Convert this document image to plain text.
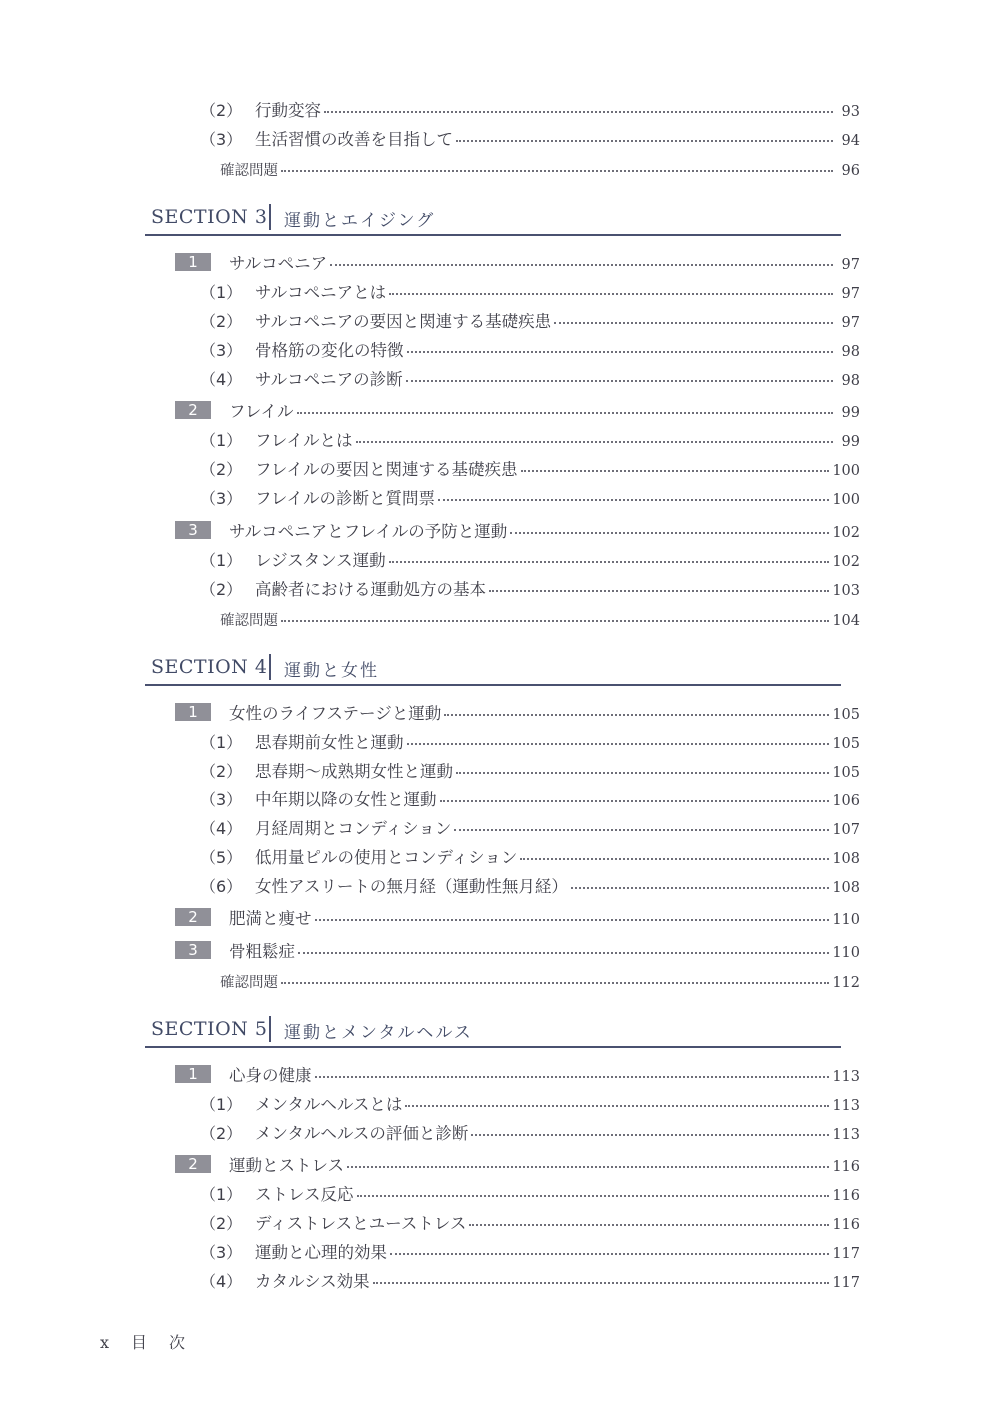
（2） 行動変容	93
（3） 生活習慣の改善を目指して	94
確認問題	96
SECTION 3 運動とエイジング
1	サルコペニア	97
（1） サルコペニアとは	97
（2） サルコペニアの要因と関連する基礎疾患	97
（3） 骨格筋の変化の特徴	98
（4） サルコペニアの診断	98
2	フレイル	99
（1） フレイルとは	99
（2） フレイルの要因と関連する基礎疾患	100
（3） フレイルの診断と質問票	100
3	サルコペニアとフレイルの予防と運動	102
（1） レジスタンス運動	102
（2） 高齢者における運動処方の基本	103
確認問題	104
SECTION 4 運動と女性
1	女性のライフステージと運動	105
（1） 思春期前女性と運動	105
（2） 思春期〜成熟期女性と運動	105
（3） 中年期以降の女性と運動	106
（4） 月経周期とコンディション	107
（5） 低用量ピルの使用とコンディション	108
（6） 女性アスリートの無月経（運動性無月経）	108
2	肥満と痩せ	110
3	骨粗鬆症	110
確認問題	112
SECTION 5 運動とメンタルヘルス
1	心身の健康	113
（1） メンタルヘルスとは	113
（2） メンタルヘルスの評価と診断	113
2	運動とストレス	116
（1） ストレス反応	116
（2） ディストレスとユーストレス	116
（3） 運動と心理的効果	117
（4） カタルシス効果	117
x 目 次
